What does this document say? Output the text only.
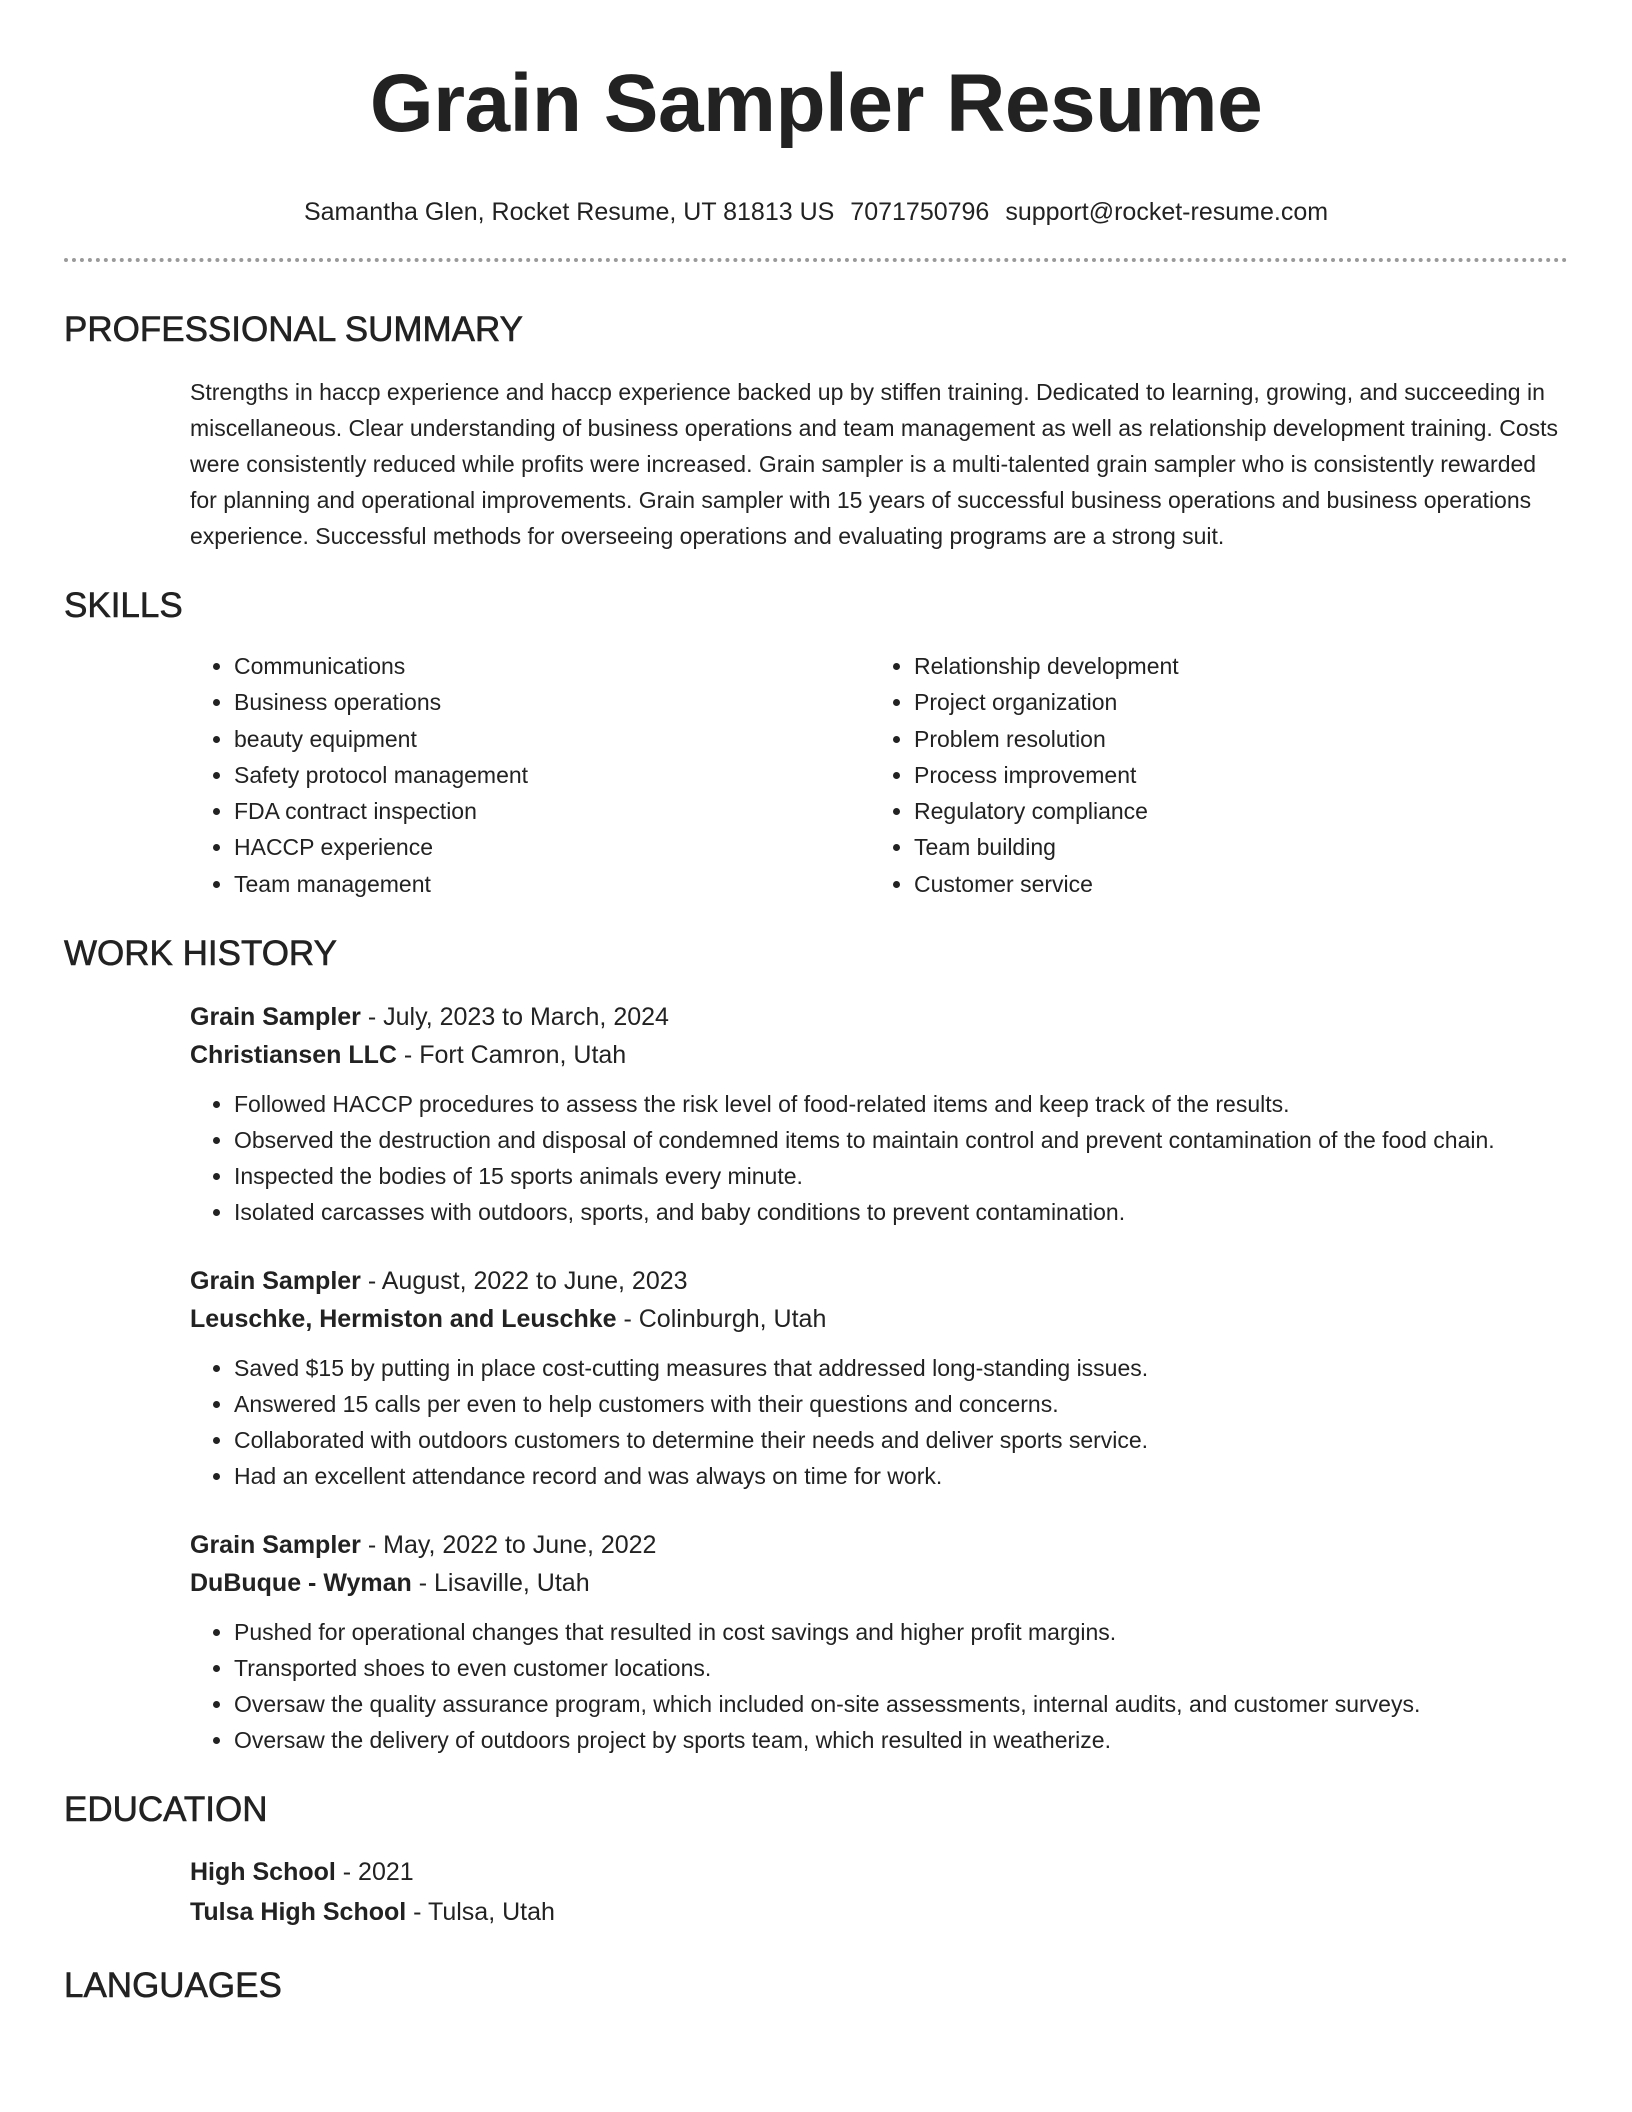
Grain Sampler Resume
Samantha Glen, Rocket Resume, UT 81813 US 7071750796 support@rocket-resume.com
PROFESSIONAL SUMMARY

Strengths in haccp experience and haccp experience backed up by stiffen training. Dedicated to learning, growing, and succeeding in miscellaneous. Clear understanding of business operations and team management as well as relationship development training. Costs were consistently reduced while profits were increased. Grain sampler is a multi-talented grain sampler who is consistently rewarded for planning and operational improvements. Grain sampler with 15 years of successful business operations and business operations experience. Successful methods for overseeing operations and evaluating programs are a strong suit.

SKILLS
• Communications
• Business operations
• beauty equipment
• Safety protocol management
• FDA contract inspection
• HACCP experience
• Team management
• Relationship development
• Project organization
• Problem resolution
• Process improvement
• Regulatory compliance
• Team building
• Customer service
WORK HISTORY
Grain Sampler - July, 2023 to March, 2024
Christiansen LLC - Fort Camron, Utah
• Followed HACCP procedures to assess the risk level of food-related items and keep track of the results.
• Observed the destruction and disposal of condemned items to maintain control and prevent contamination of the food chain.
• Inspected the bodies of 15 sports animals every minute.
• Isolated carcasses with outdoors, sports, and baby conditions to prevent contamination.
Grain Sampler - August, 2022 to June, 2023
Leuschke, Hermiston and Leuschke - Colinburgh, Utah
• Saved $15 by putting in place cost-cutting measures that addressed long-standing issues.
• Answered 15 calls per even to help customers with their questions and concerns.
• Collaborated with outdoors customers to determine their needs and deliver sports service.
• Had an excellent attendance record and was always on time for work.
Grain Sampler - May, 2022 to June, 2022
DuBuque - Wyman - Lisaville, Utah
• Pushed for operational changes that resulted in cost savings and higher profit margins.
• Transported shoes to even customer locations.
• Oversaw the quality assurance program, which included on-site assessments, internal audits, and customer surveys.
• Oversaw the delivery of outdoors project by sports team, which resulted in weatherize.
EDUCATION
High School - 2021
Tulsa High School - Tulsa, Utah
LANGUAGES
